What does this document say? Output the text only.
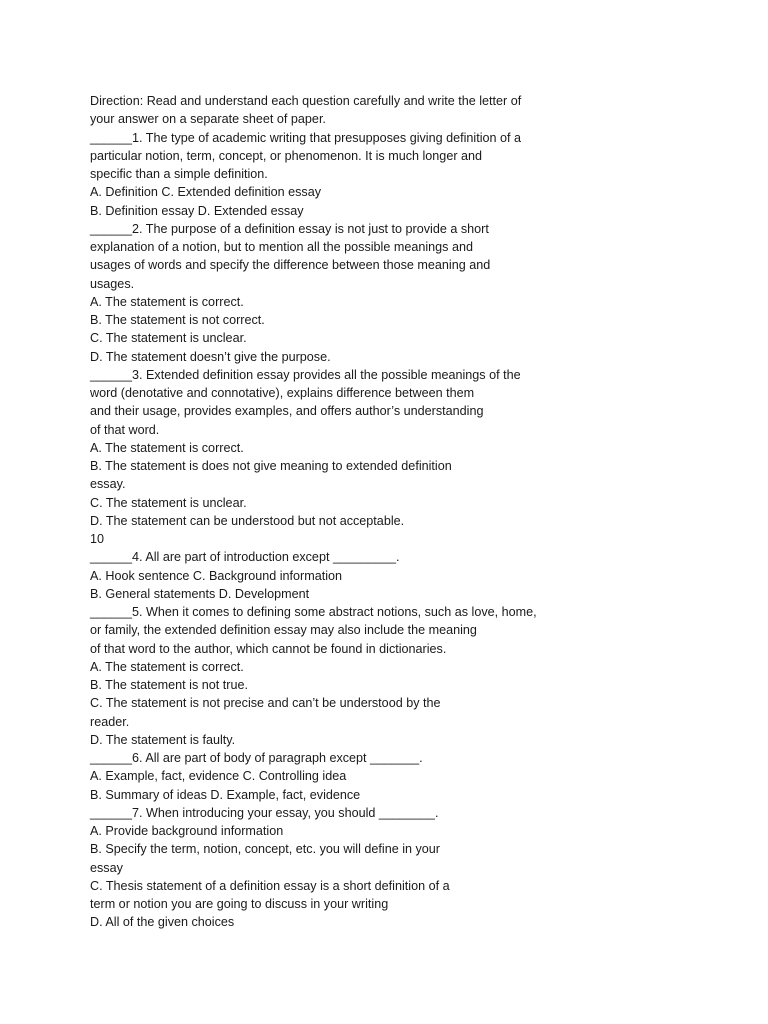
Direction: Read and understand each question carefully and write the letter of
your answer on a separate sheet of paper.
______1. The type of academic writing that presupposes giving definition of a
particular notion, term, concept, or phenomenon. It is much longer and
specific than a simple definition.
A. Definition C. Extended definition essay
B. Definition essay D. Extended essay
______2. The purpose of a definition essay is not just to provide a short
explanation of a notion, but to mention all the possible meanings and
usages of words and specify the difference between those meaning and
usages.
A. The statement is correct.
B. The statement is not correct.
C. The statement is unclear.
D. The statement doesn’t give the purpose.
______3. Extended definition essay provides all the possible meanings of the
word (denotative and connotative), explains difference between them
and their usage, provides examples, and offers author’s understanding
of that word.
A. The statement is correct.
B. The statement is does not give meaning to extended definition
essay.
C. The statement is unclear.
D. The statement can be understood but not acceptable.
10
______4. All are part of introduction except _________.
A. Hook sentence C. Background information
B. General statements D. Development
______5. When it comes to defining some abstract notions, such as love, home,
or family, the extended definition essay may also include the meaning
of that word to the author, which cannot be found in dictionaries.
A. The statement is correct.
B. The statement is not true.
C. The statement is not precise and can’t be understood by the
reader.
D. The statement is faulty.
______6. All are part of body of paragraph except _______.
A. Example, fact, evidence C. Controlling idea
B. Summary of ideas D. Example, fact, evidence
______7. When introducing your essay, you should ________.
A. Provide background information
B. Specify the term, notion, concept, etc. you will define in your
essay
C. Thesis statement of a definition essay is a short definition of a
term or notion you are going to discuss in your writing
D. All of the given choices
